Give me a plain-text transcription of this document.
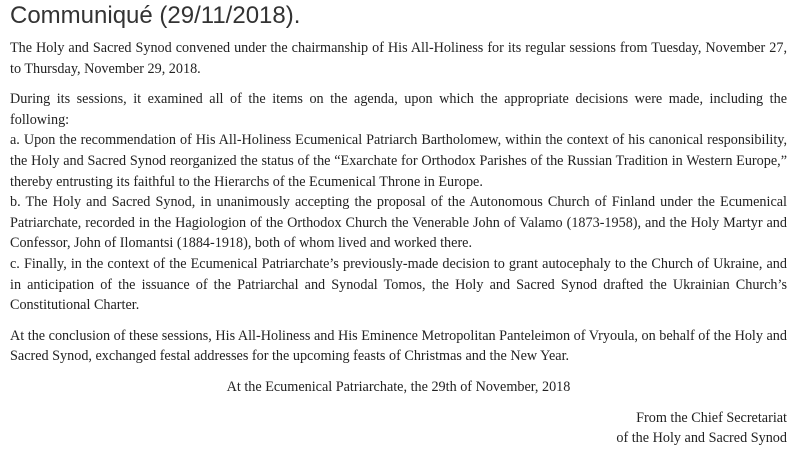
Communiqué (29/11/2018).

The Holy and Sacred Synod convened under the chairmanship of His All-Holiness for its regular sessions from Tuesday, November 27, to Thursday, November 29, 2018.

During its sessions, it examined all of the items on the agenda, upon which the appropriate decisions were made, including the following:

a. Upon the recommendation of His All-Holiness Ecumenical Patriarch Bartholomew, within the context of his canonical responsibility, the Holy and Sacred Synod reorganized the status of the “Exarchate for Orthodox Parishes of the Russian Tradition in Western Europe,” thereby entrusting its faithful to the Hierarchs of the Ecumenical Throne in Europe.

b. The Holy and Sacred Synod, in unanimously accepting the proposal of the Autonomous Church of Finland under the Ecumenical Patriarchate, recorded in the Hagiologion of the Orthodox Church the Venerable John of Valamo (1873-1958), and the Holy Martyr and Confessor, John of Ilomantsi (1884-1918), both of whom lived and worked there.

c. Finally, in the context of the Ecumenical Patriarchate’s previously-made decision to grant autocephaly to the Church of Ukraine, and in anticipation of the issuance of the Patriarchal and Synodal Tomos, the Holy and Sacred Synod drafted the Ukrainian Church’s Constitutional Charter.

At the conclusion of these sessions, His All-Holiness and His Eminence Metropolitan Panteleimon of Vryoula, on behalf of the Holy and Sacred Synod, exchanged festal addresses for the upcoming feasts of Christmas and the New Year.

At the Ecumenical Patriarchate, the 29th of November, 2018

From the Chief Secretariat

of the Holy and Sacred Synod
